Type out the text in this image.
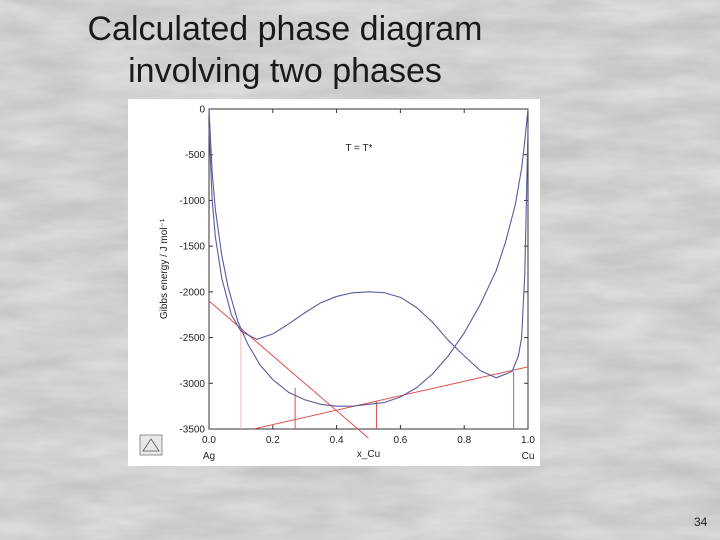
Calculated phase diagram
involving two phases
0.0	0.2	0.4	0.6	0.8	1.0
0
-500
-1000
-1500
-2000
-2500
-3000
-3500
T = T*
Gibbs energy / J mol⁻¹
x_Cu
Ag	Cu
34
